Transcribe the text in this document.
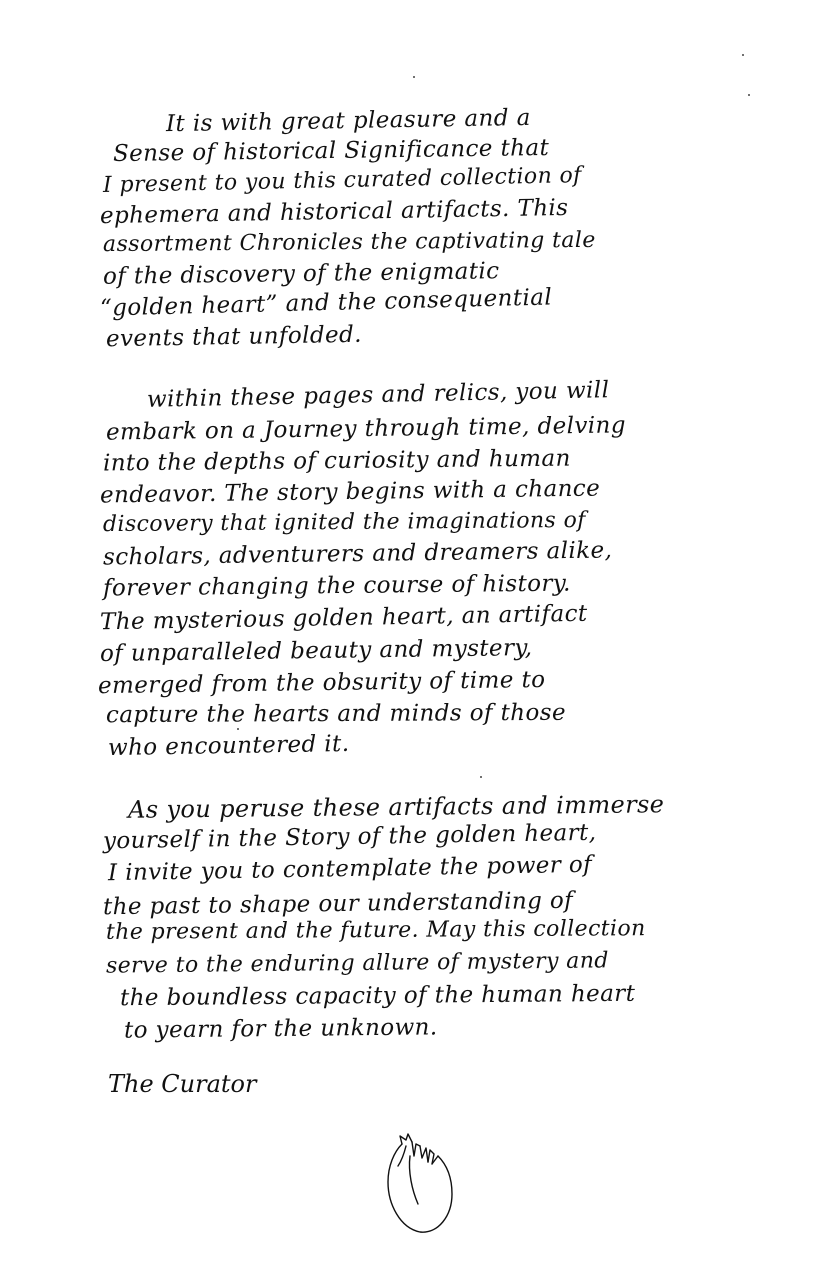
It is with great pleasure and a
Sense of historical Significance that
I present to you this curated collection of
ephemera and historical artifacts. This
assortment Chronicles the captivating tale
of the discovery of the enigmatic
“golden heart” and the consequential
events that unfolded.
within these pages and relics, you will
embark on a Journey through time, delving
into the depths of curiosity and human
endeavor. The story begins with a chance
discovery that ignited the imaginations of
scholars, adventurers and dreamers alike,
forever changing the course of history.
The mysterious golden heart, an artifact
of unparalleled beauty and mystery,
emerged from the obsurity of time to
capture the hearts and minds of those
who encountered it.
As you peruse these artifacts and immerse
yourself in the Story of the golden heart,
I invite you to contemplate the power of
the past to shape our understanding of
the present and the future. May this collection
serve to the enduring allure of mystery and
the boundless capacity of the human heart
to yearn for the unknown.
The Curator
